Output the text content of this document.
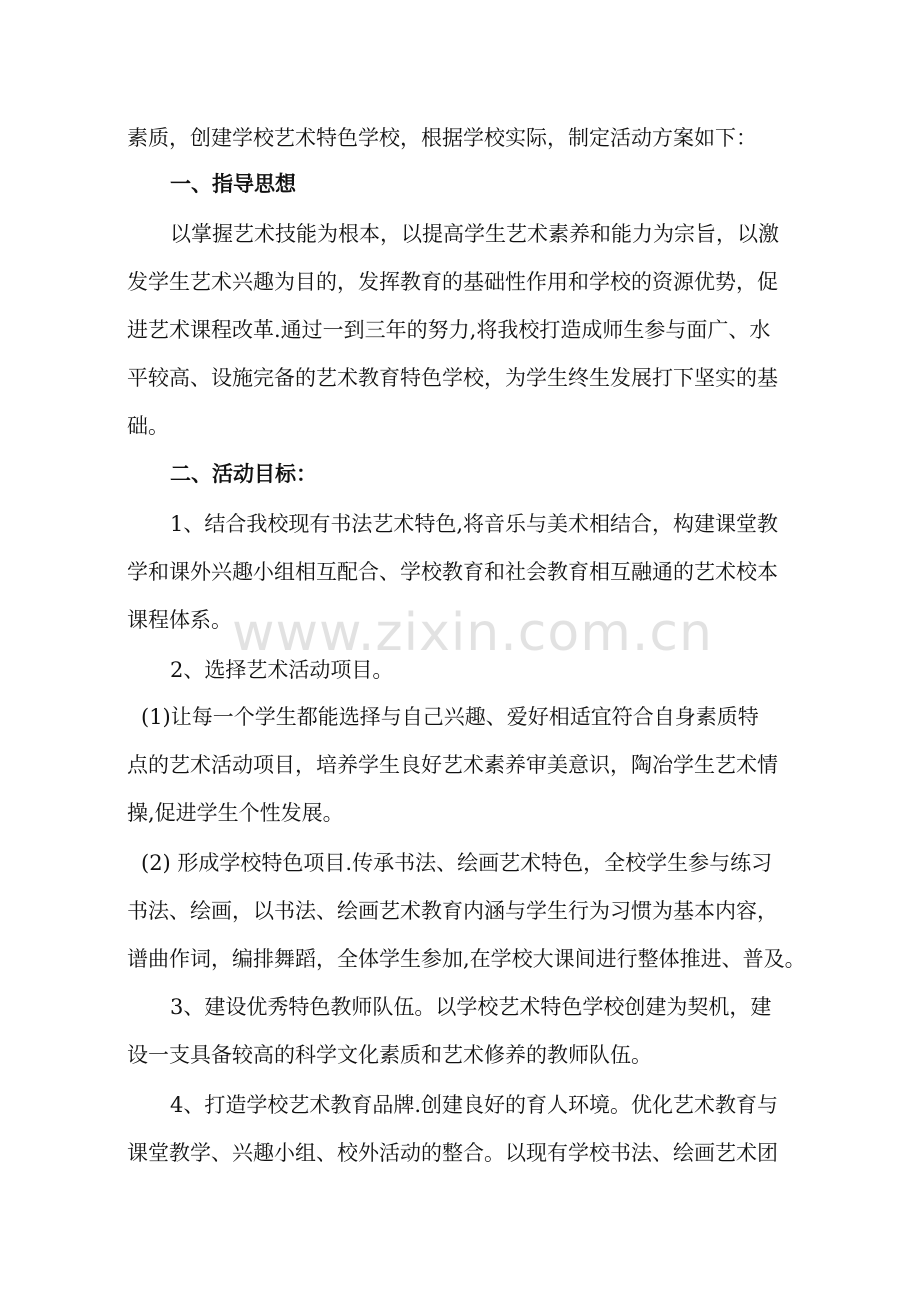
素质，创建学校艺术特色学校，根据学校实际，制定活动方案如下：
一、指导思想
以掌握艺术技能为根本，以提高学生艺术素养和能力为宗旨，以激
发学生艺术兴趣为目的，发挥教育的基础性作用和学校的资源优势，促
进艺术课程改革.通过一到三年的努力,将我校打造成师生参与面广、水
平较高、设施完备的艺术教育特色学校，为学生终生发展打下坚实的基
础。
二、活动目标：
1、结合我校现有书法艺术特色,将音乐与美术相结合，构建课堂教
学和课外兴趣小组相互配合、学校教育和社会教育相互融通的艺术校本
课程体系。
2、选择艺术活动项目。
(1)让每一个学生都能选择与自己兴趣、爱好相适宜符合自身素质特
点的艺术活动项目，培养学生良好艺术素养审美意识，陶冶学生艺术情
操,促进学生个性发展。
(2) 形成学校特色项目.传承书法、绘画艺术特色，全校学生参与练习
书法、绘画，以书法、绘画艺术教育内涵与学生行为习惯为基本内容，
谱曲作词，编排舞蹈，全体学生参加,在学校大课间进行整体推进、普及。
3、建设优秀特色教师队伍。以学校艺术特色学校创建为契机，建
设一支具备较高的科学文化素质和艺术修养的教师队伍。
4、打造学校艺术教育品牌.创建良好的育人环境。优化艺术教育与
课堂教学、兴趣小组、校外活动的整合。以现有学校书法、绘画艺术团
www.zixin.com.cn
